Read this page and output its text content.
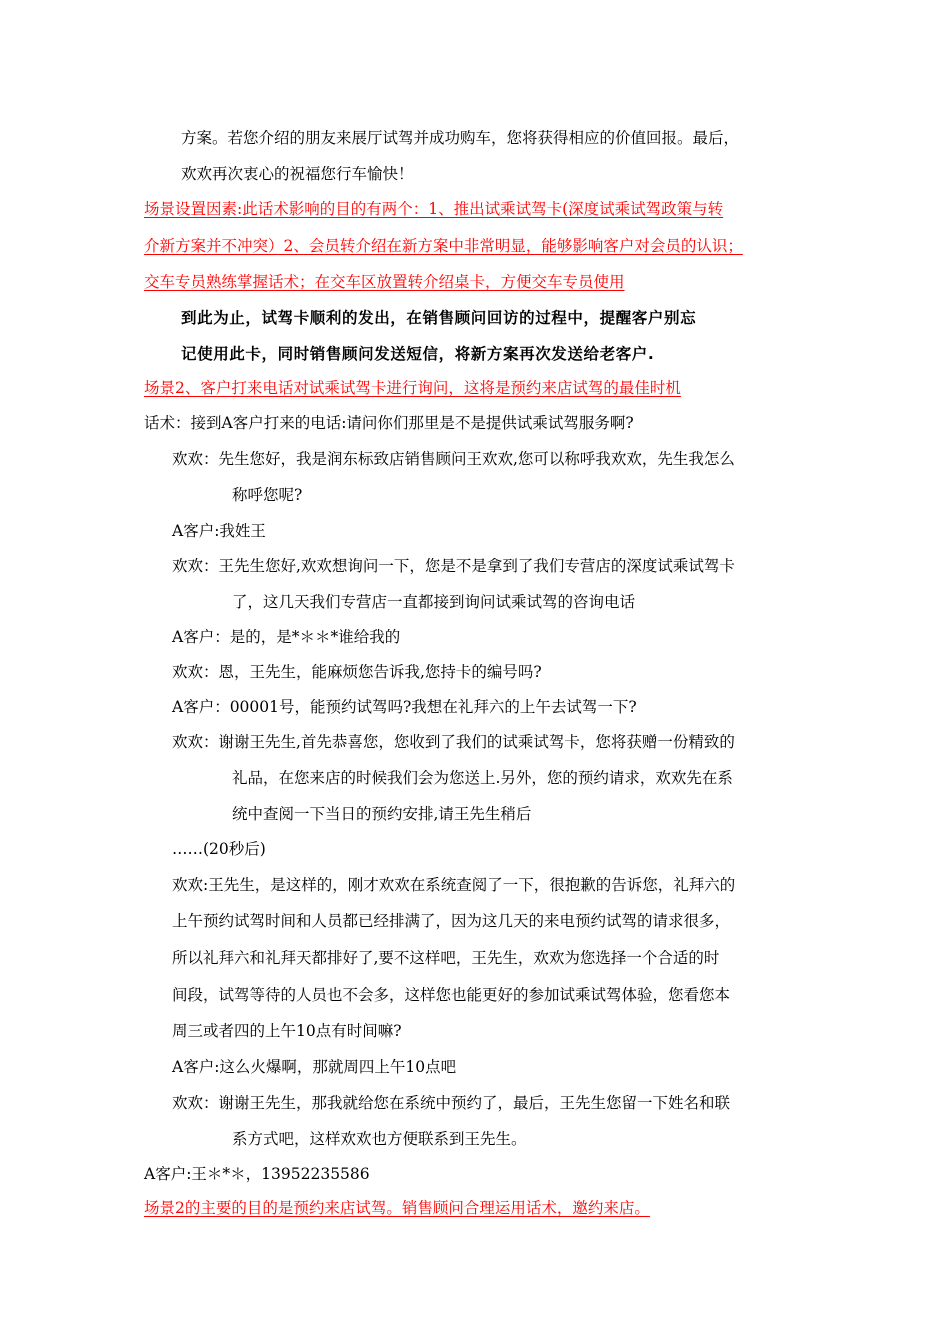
方案。若您介绍的朋友来展厅试驾并成功购车，您将获得相应的价值回报。最后，
欢欢再次衷心的祝福您行车愉快！
场景设置因素:此话术影响的目的有两个：1、推出试乘试驾卡(深度试乘试驾政策与转
介新方案并不冲突）2、会员转介绍在新方案中非常明显，能够影响客户对会员的认识；
交车专员熟练掌握话术；在交车区放置转介绍桌卡，方便交车专员使用
到此为止，试驾卡顺利的发出，在销售顾问回访的过程中，提醒客户别忘
记使用此卡，同时销售顾问发送短信，将新方案再次发送给老客户.
场景2、客户打来电话对试乘试驾卡进行询问，这将是预约来店试驾的最佳时机
话术：接到A客户打来的电话:请问你们那里是不是提供试乘试驾服务啊?
欢欢：先生您好，我是润东标致店销售顾问王欢欢,您可以称呼我欢欢，先生我怎么
称呼您呢?
A客户:我姓王
欢欢：王先生您好,欢欢想询问一下，您是不是拿到了我们专营店的深度试乘试驾卡
了，这几天我们专营店一直都接到询问试乘试驾的咨询电话
A客户：是的，是*＊＊*谁给我的
欢欢：恩，王先生，能麻烦您告诉我,您持卡的编号吗?
A客户：00001号，能预约试驾吗?我想在礼拜六的上午去试驾一下?
欢欢：谢谢王先生,首先恭喜您，您收到了我们的试乘试驾卡，您将获赠一份精致的
礼品，在您来店的时候我们会为您送上.另外，您的预约请求，欢欢先在系
统中查阅一下当日的预约安排,请王先生稍后
……(20秒后)
欢欢:王先生，是这样的，刚才欢欢在系统查阅了一下，很抱歉的告诉您，礼拜六的
上午预约试驾时间和人员都已经排满了，因为这几天的来电预约试驾的请求很多，
所以礼拜六和礼拜天都排好了,要不这样吧，王先生，欢欢为您选择一个合适的时
间段，试驾等待的人员也不会多，这样您也能更好的参加试乘试驾体验，您看您本
周三或者四的上午10点有时间嘛?
A客户:这么火爆啊，那就周四上午10点吧
欢欢：谢谢王先生，那我就给您在系统中预约了，最后，王先生您留一下姓名和联
系方式吧，这样欢欢也方便联系到王先生。
A客户:王＊*＊，13952235586
场景2的主要的目的是预约来店试驾。销售顾问合理运用话术，邀约来店。
